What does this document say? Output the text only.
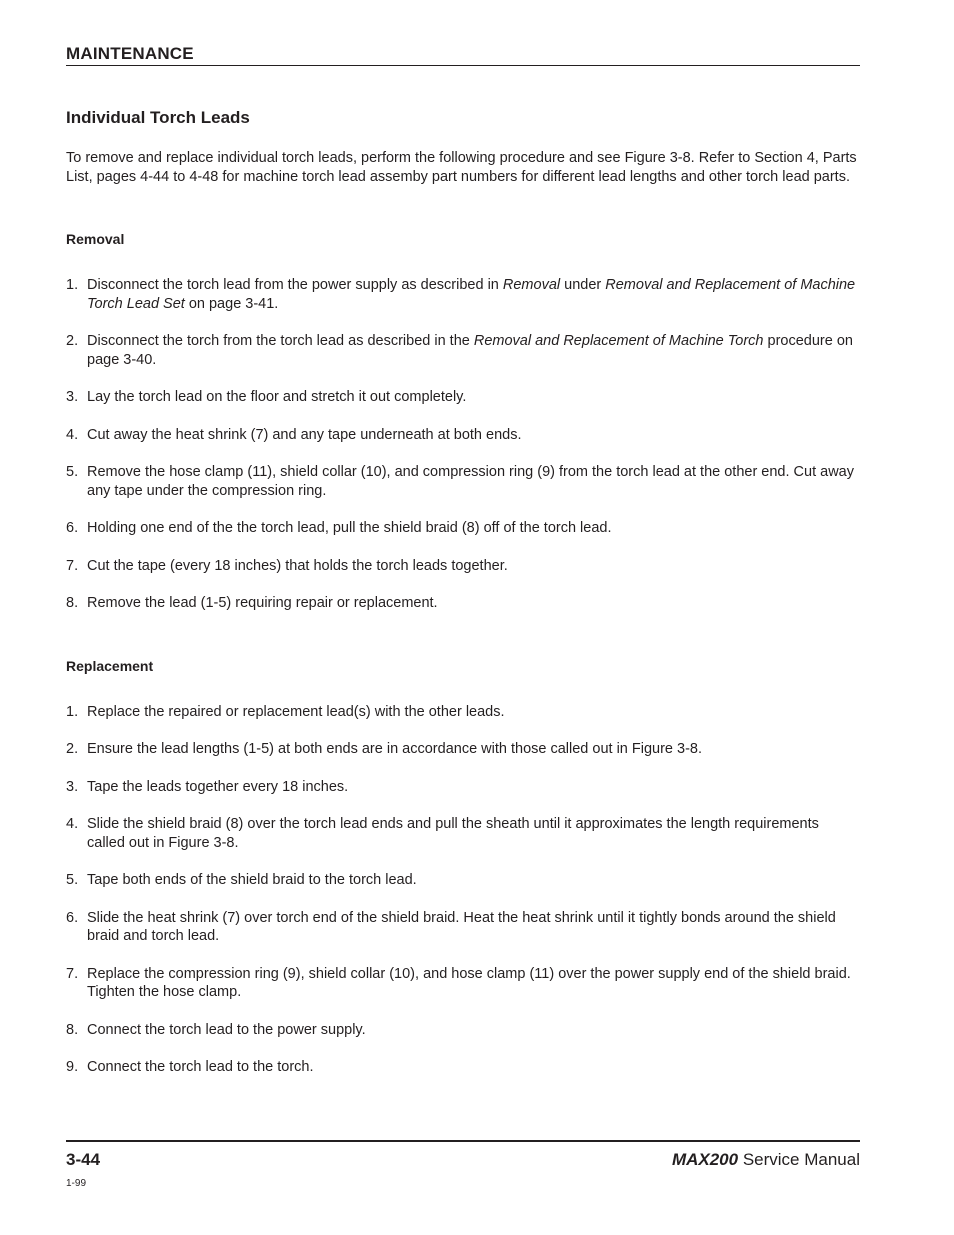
MAINTENANCE
Individual Torch Leads

To remove and replace individual torch leads, perform the following procedure and see Figure 3-8. Refer to Section 4, Parts List, pages 4-44 to 4-48 for machine torch lead assemby part numbers for different lead lengths and other torch lead parts.

Removal
1. Disconnect the torch lead from the power supply as described in Removal under Removal and Replacement of Machine Torch Lead Set on page 3-41.
2. Disconnect the torch from the torch lead as described in the Removal and Replacement of Machine Torch procedure on page 3-40.
3. Lay the torch lead on the floor and stretch it out completely.
4. Cut away the heat shrink (7) and any tape underneath at both ends.
5. Remove the hose clamp (11), shield collar (10), and compression ring (9) from the torch lead at the other end. Cut away any tape under the compression ring.
6. Holding one end of the the torch lead, pull the shield braid (8) off of the torch lead.
7. Cut the tape (every 18 inches) that holds the torch leads together.
8. Remove the lead (1-5) requiring repair or replacement.
Replacement
1. Replace the repaired or replacement lead(s) with the other leads.
2. Ensure the lead lengths (1-5) at both ends are in accordance with those called out in Figure 3-8.
3. Tape the leads together every 18 inches.
4. Slide the shield braid (8) over the torch lead ends and pull the sheath until it approximates the length requirements called out in Figure 3-8.
5. Tape both ends of the shield braid to the torch lead.
6. Slide the heat shrink (7) over torch end of the shield braid. Heat the heat shrink until it tightly bonds around the shield braid and torch lead.
7. Replace the compression ring (9), shield collar (10), and hose clamp (11) over the power supply end of the shield braid. Tighten the hose clamp.
8. Connect the torch lead to the power supply.
9. Connect the torch lead to the torch.
3-44
1-99
MAX200 Service Manual
